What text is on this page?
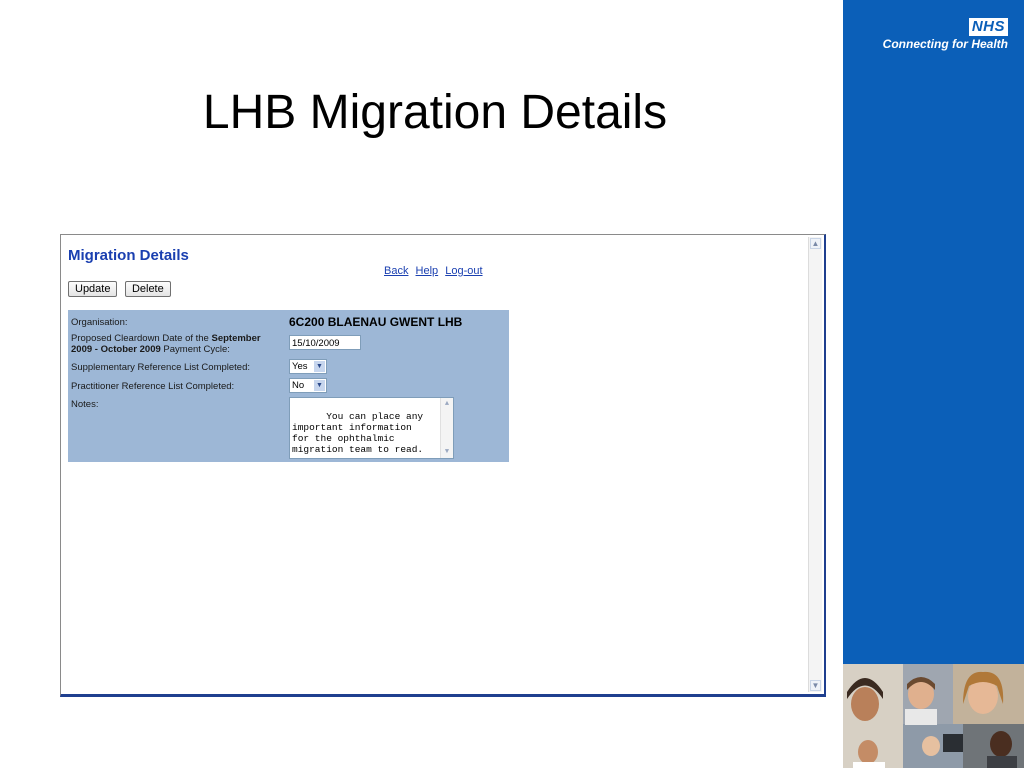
LHB Migration Details
NHS
Connecting for Health
Migration Details
Back Help Log-out
Update Delete
Organisation:	6C200 BLAENAU GWENT LHB
Proposed Cleardown Date of the September 2009 - October 2009 Payment Cycle:
15/10/2009
Supplementary Reference List Completed:	Yes ▼
Practitioner Reference List Completed:	No ▼
Notes:

You can place any
important information
for the ophthalmic
migration team to read.

▲

▼

▲
▼
